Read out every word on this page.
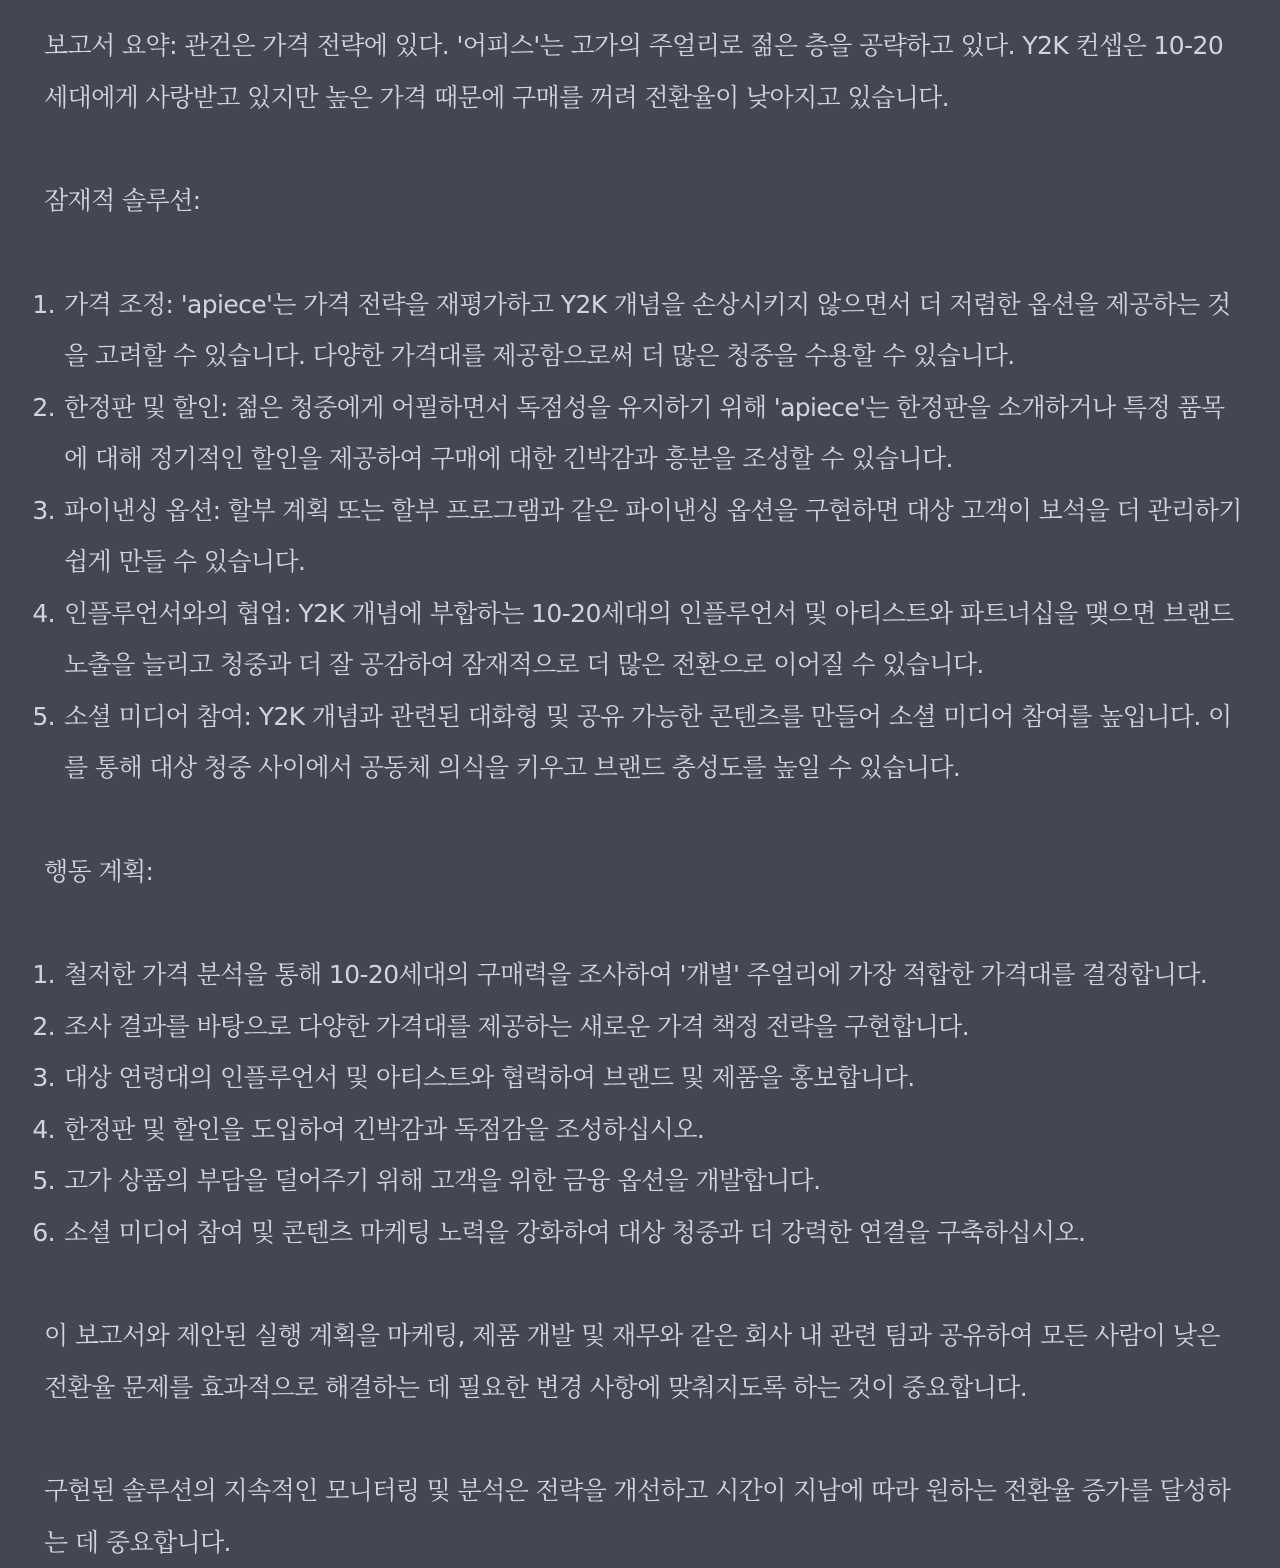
보고서 요약: 관건은 가격 전략에 있다. '어피스'는 고가의 주얼리로 젊은 층을 공략하고 있다. Y2K 컨셉은 10-20세대에게 사랑받고 있지만 높은 가격 때문에 구매를 꺼려 전환율이 낮아지고 있습니다.

잠재적 솔루션:

1. 가격 조정: 'apiece'는 가격 전략을 재평가하고 Y2K 개념을 손상시키지 않으면서 더 저렴한 옵션을 제공하는 것을 고려할 수 있습니다. 다양한 가격대를 제공함으로써 더 많은 청중을 수용할 수 있습니다.
2. 한정판 및 할인: 젊은 청중에게 어필하면서 독점성을 유지하기 위해 'apiece'는 한정판을 소개하거나 특정 품목에 대해 정기적인 할인을 제공하여 구매에 대한 긴박감과 흥분을 조성할 수 있습니다.
3. 파이낸싱 옵션: 할부 계획 또는 할부 프로그램과 같은 파이낸싱 옵션을 구현하면 대상 고객이 보석을 더 관리하기 쉽게 만들 수 있습니다.
4. 인플루언서와의 협업: Y2K 개념에 부합하는 10-20세대의 인플루언서 및 아티스트와 파트너십을 맺으면 브랜드 노출을 늘리고 청중과 더 잘 공감하여 잠재적으로 더 많은 전환으로 이어질 수 있습니다.
5. 소셜 미디어 참여: Y2K 개념과 관련된 대화형 및 공유 가능한 콘텐츠를 만들어 소셜 미디어 참여를 높입니다. 이를 통해 대상 청중 사이에서 공동체 의식을 키우고 브랜드 충성도를 높일 수 있습니다.

행동 계획:

1. 철저한 가격 분석을 통해 10-20세대의 구매력을 조사하여 '개별' 주얼리에 가장 적합한 가격대를 결정합니다.
2. 조사 결과를 바탕으로 다양한 가격대를 제공하는 새로운 가격 책정 전략을 구현합니다.
3. 대상 연령대의 인플루언서 및 아티스트와 협력하여 브랜드 및 제품을 홍보합니다.
4. 한정판 및 할인을 도입하여 긴박감과 독점감을 조성하십시오.
5. 고가 상품의 부담을 덜어주기 위해 고객을 위한 금융 옵션을 개발합니다.
6. 소셜 미디어 참여 및 콘텐츠 마케팅 노력을 강화하여 대상 청중과 더 강력한 연결을 구축하십시오.

이 보고서와 제안된 실행 계획을 마케팅, 제품 개발 및 재무와 같은 회사 내 관련 팀과 공유하여 모든 사람이 낮은 전환율 문제를 효과적으로 해결하는 데 필요한 변경 사항에 맞춰지도록 하는 것이 중요합니다.

구현된 솔루션의 지속적인 모니터링 및 분석은 전략을 개선하고 시간이 지남에 따라 원하는 전환율 증가를 달성하는 데 중요합니다.
